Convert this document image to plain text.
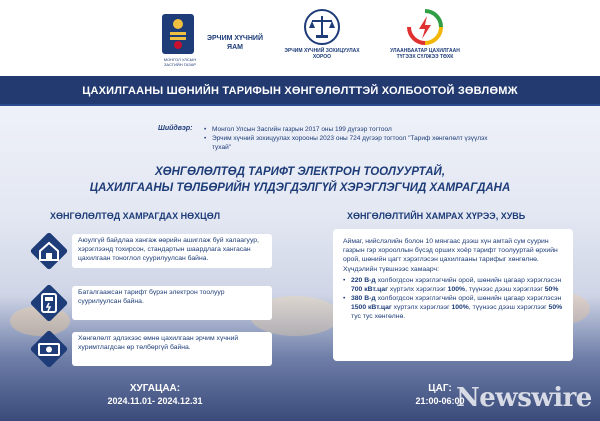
МОНГОЛ УЛСЫН ЗАСГИЙН ГАЗАР
ЭРЧИМ ХҮЧНИЙ ЯАМ	ЭРЧИМ ХҮЧНИЙ ЗОХИЦУУЛАХ ХОРОО
УЛААНБААТАР ЦАХИЛГААН ТҮГЭЭХ СҮЛЖЭЭ ТӨХК
ЦАХИЛГААНЫ ШӨНИЙН ТАРИФЫН ХӨНГӨЛӨЛТТЭЙ ХОЛБООТОЙ ЗӨВЛӨМЖ
Шийдвэр:
•	Монгол Улсын Засгийн газрын 2017 оны 199 дүгээр тогтоол
• Эрчим хүчний зохицуулах хорооны 2023 оны 724 дүгээр тогтоол "Тариф хөнгөлөлт үзүүлэх тухай"
ХӨНГӨЛӨЛТӨД ТАРИФТ ЭЛЕКТРОН ТООЛУУРТАЙ,
ЦАХИЛГААНЫ ТӨЛБӨРИЙН ҮЛДЭГДЭЛГҮЙ ХЭРЭГЛЭГЧИД ХАМРАГДАНА
ХӨНГӨЛӨЛТӨД ХАМРАГДАХ НӨХЦӨЛ	ХӨНГӨЛӨЛТИЙН ХАМРАХ ХҮРЭЭ, ХУВЬ
Аюулгүй байдлаа хангаж өөрийн ашиглаж буй халаагуур, хэрэглээнд тохирсон, стандартын шаардлага хангасан цахилгаан тоноглол суурилуулсан байна.
Баталгаажсан тарифт бүрэн электрон тоолуур суурилуулсан байна.
Хөнгөлөлт эдлэхээс өмнө цахилгаан эрчим хүчний хуримтлагдсан өр төлбөргүй байна.
Аймаг, нийслэлийн болон 10 мянгаас дээш хүн амтай сум суурин газрын гэр хорооллын бүсэд орших хоёр тарифт тоолууртай өрхийн орой, шөнийн цагт хэрэглэсэн цахилгааны тарифыг хөнгөлнө. Хүчдэлийн түвшнээс хамаарч:
• 220 В-д холбогдсон хэрэглэгчийн орой, шөнийн цагаар хэрэглэсэн 700 кВт.цаг хүртэлх хэрэглээг 100%, түүнээс дээш хэрэглээг 50%
• 380 В-д холбогдсон хэрэглэгчийн орой, шөнийн цагаар хэрэглэсэн 1500 кВт.цаг хүртэлх хэрэглээг 100%, түүнээс дээш хэрэглээг 50% тус тус хөнгөлнө.
ХУГАЦАА:
2024.11.01- 2024.12.31
ЦАГ:
21:00-06:00
Newswire
